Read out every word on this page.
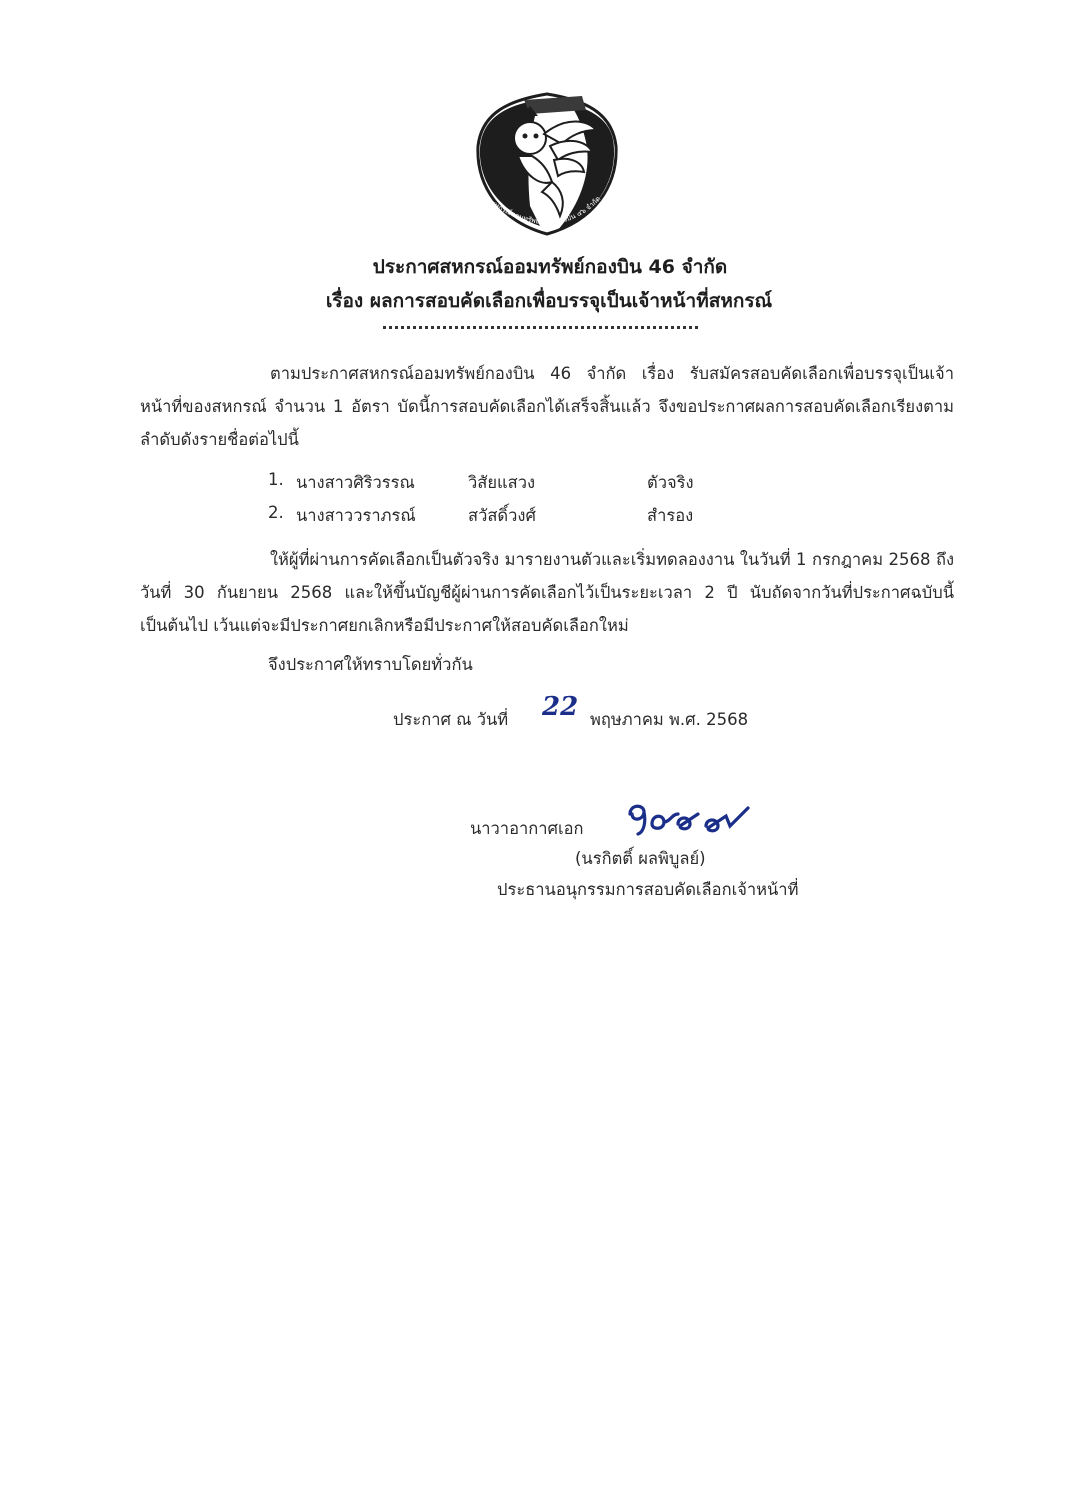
สหกรณ์ออมทรัพย์ กองบิน ๔๖ จำกัด
ประกาศสหกรณ์ออมทรัพย์กองบิน 46 จำกัด
เรื่อง ผลการสอบคัดเลือกเพื่อบรรจุเป็นเจ้าหน้าที่สหกรณ์
ตามประกาศสหกรณ์ออมทรัพย์กองบิน 46 จำกัด เรื่อง รับสมัครสอบคัดเลือกเพื่อบรรจุเป็นเจ้าหน้าที่ของสหกรณ์ จำนวน 1 อัตรา บัดนี้การสอบคัดเลือกได้เสร็จสิ้นแล้ว จึงขอประกาศผลการสอบคัดเลือกเรียงตามลำดับดังรายชื่อต่อไปนี้
1. นางสาวศิริวรรณ	วิสัยแสวง	ตัวจริง
2. นางสาววราภรณ์	สวัสดิ์วงศ์	สำรอง
ให้ผู้ที่ผ่านการคัดเลือกเป็นตัวจริง มารายงานตัวและเริ่มทดลองงาน ในวันที่ 1 กรกฎาคม 2568 ถึงวันที่ 30 กันยายน 2568 และให้ขึ้นบัญชีผู้ผ่านการคัดเลือกไว้เป็นระยะเวลา 2 ปี นับถัดจากวันที่ประกาศฉบับนี้เป็นต้นไป เว้นแต่จะมีประกาศยกเลิกหรือมีประกาศให้สอบคัดเลือกใหม่
จึงประกาศให้ทราบโดยทั่วกัน
ประกาศ ณ วันที่ 22 พฤษภาคม พ.ศ. 2568
นาวาอากาศเอก
(นรกิตติ์ ผลพิบูลย์)
ประธานอนุกรรมการสอบคัดเลือกเจ้าหน้าที่
